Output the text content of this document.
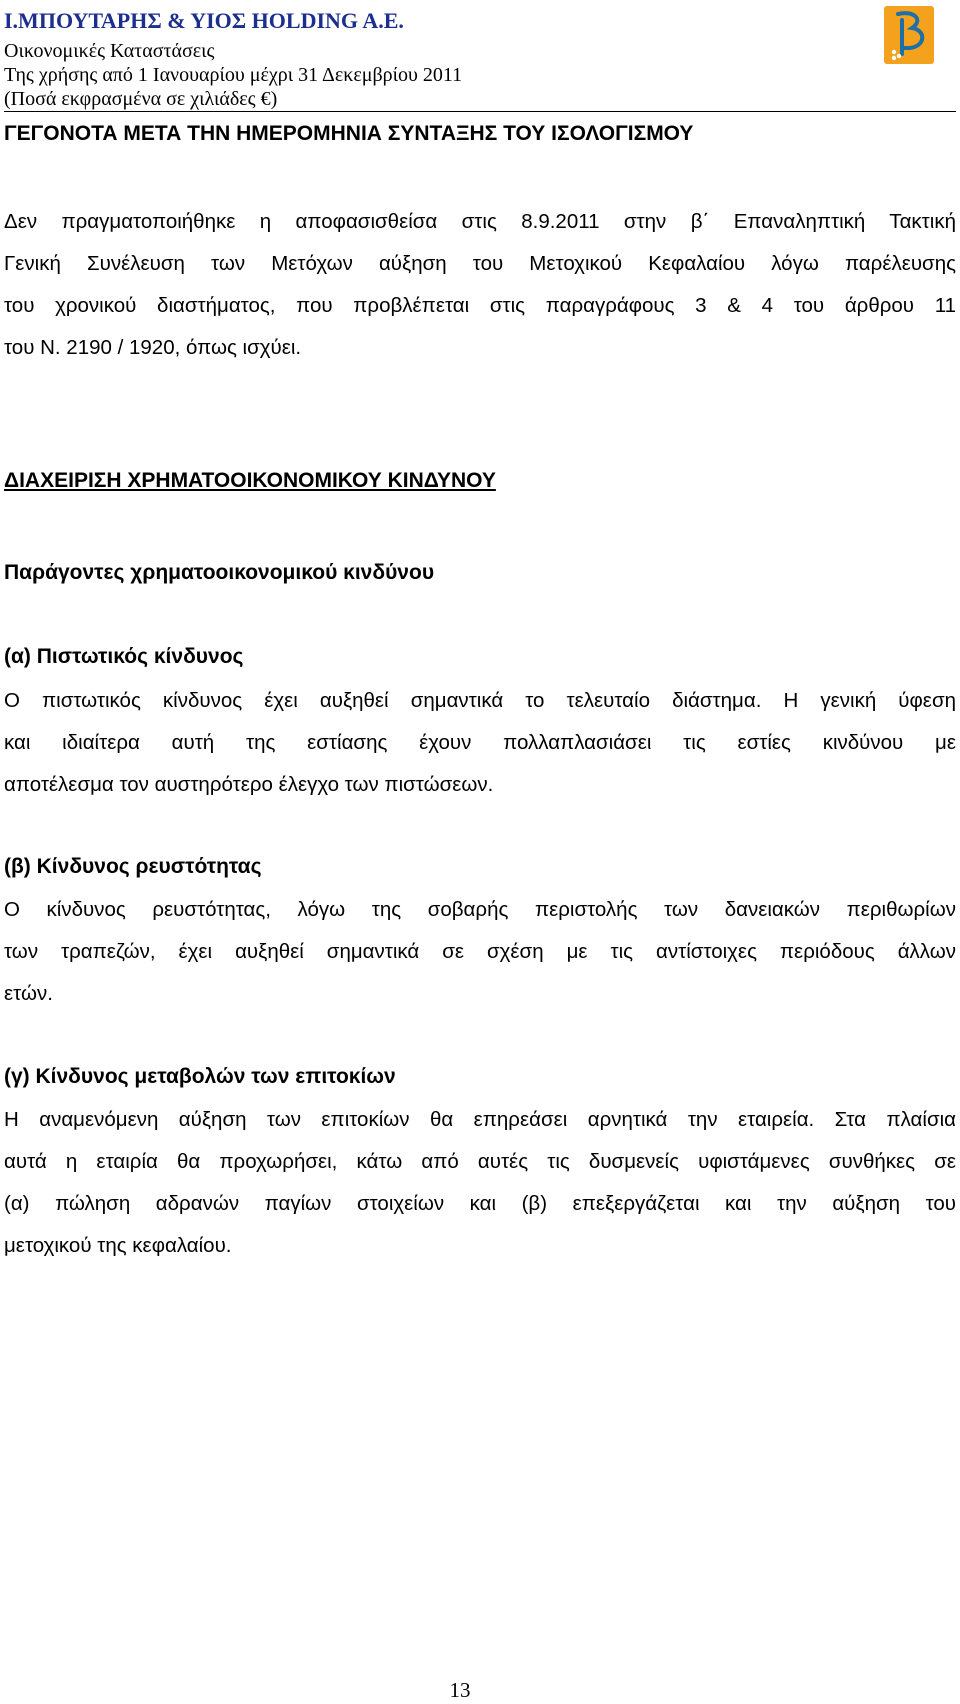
Ι.ΜΠΟΥΤΑΡΗΣ & ΥΙΟΣ HOLDING A.E.
Οικονομικές Καταστάσεις
Της χρήσης από 1 Ιανουαρίου μέχρι 31 Δεκεμβρίου 2011
(Ποσά εκφρασμένα σε χιλιάδες €)
ΓΕΓΟΝΟΤΑ ΜΕΤΑ ΤΗΝ ΗΜΕΡΟΜΗΝΙΑ ΣΥΝΤΑΞΗΣ ΤΟΥ ΙΣΟΛΟΓΙΣΜΟΥ
Δεν πραγματοποιήθηκε η αποφασισθείσα στις 8.9.2011 στην β΄ Επαναληπτική Τακτική
Γενική Συνέλευση των Μετόχων αύξηση του Μετοχικού Κεφαλαίου λόγω παρέλευσης
του χρονικού διαστήματος, που προβλέπεται στις παραγράφους 3 & 4 του άρθρου 11
του Ν. 2190 / 1920, όπως ισχύει.
ΔΙΑΧΕΙΡΙΣΗ ΧΡΗΜΑΤΟΟΙΚΟΝΟΜΙΚΟΥ ΚΙΝΔΥΝΟΥ
Παράγοντες χρηματοοικονομικού κινδύνου
(α) Πιστωτικός κίνδυνος
Ο πιστωτικός κίνδυνος έχει αυξηθεί σημαντικά το τελευταίο διάστημα. Η γενική ύφεση
και ιδιαίτερα αυτή της εστίασης έχουν πολλαπλασιάσει τις εστίες κινδύνου με
αποτέλεσμα τον αυστηρότερο έλεγχο των πιστώσεων.
(β) Κίνδυνος ρευστότητας
Ο κίνδυνος ρευστότητας, λόγω της σοβαρής περιστολής των δανειακών περιθωρίων
των τραπεζών, έχει αυξηθεί σημαντικά σε σχέση με τις αντίστοιχες περιόδους άλλων
ετών.
(γ) Κίνδυνος μεταβολών των επιτοκίων
Η αναμενόμενη αύξηση των επιτοκίων θα επηρεάσει αρνητικά την εταιρεία. Στα πλαίσια
αυτά η εταιρία θα προχωρήσει, κάτω από αυτές τις δυσμενείς υφιστάμενες συνθήκες σε
(α) πώληση αδρανών παγίων στοιχείων και (β) επεξεργάζεται και την αύξηση του
μετοχικού της κεφαλαίου.
13
